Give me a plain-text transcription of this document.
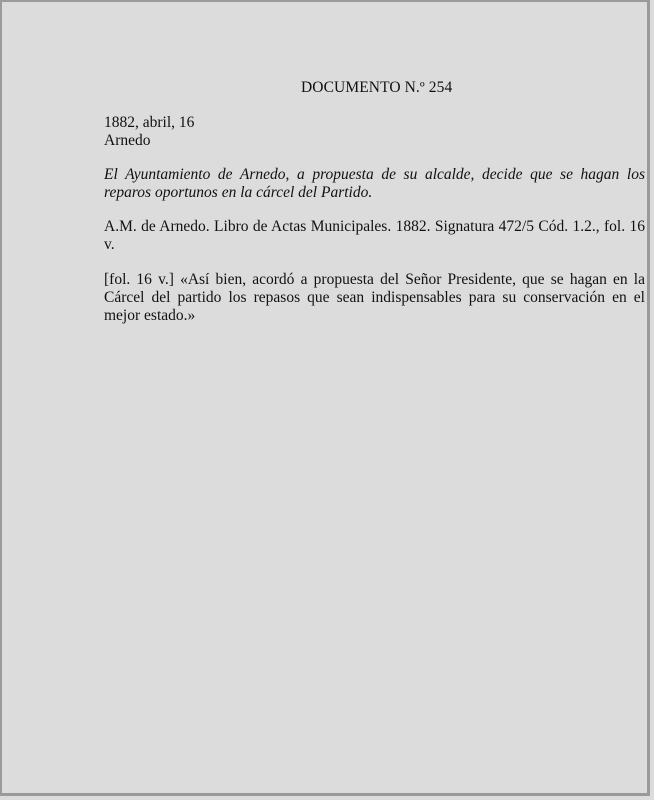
DOCUMENTO N.º 254
1882, abril, 16
Arnedo
El Ayuntamiento de Arnedo, a propuesta de su alcalde, decide que se hagan los reparos oportunos en la cárcel del Partido.
A.M. de Arnedo. Libro de Actas Municipales. 1882. Signatura 472/5 Cód. 1.2., fol. 16 v.
[fol. 16 v.] «Así bien, acordó a propuesta del Señor Presidente, que se hagan en la Cárcel del partido los repasos que sean indispensables para su conservación en el mejor estado.»
